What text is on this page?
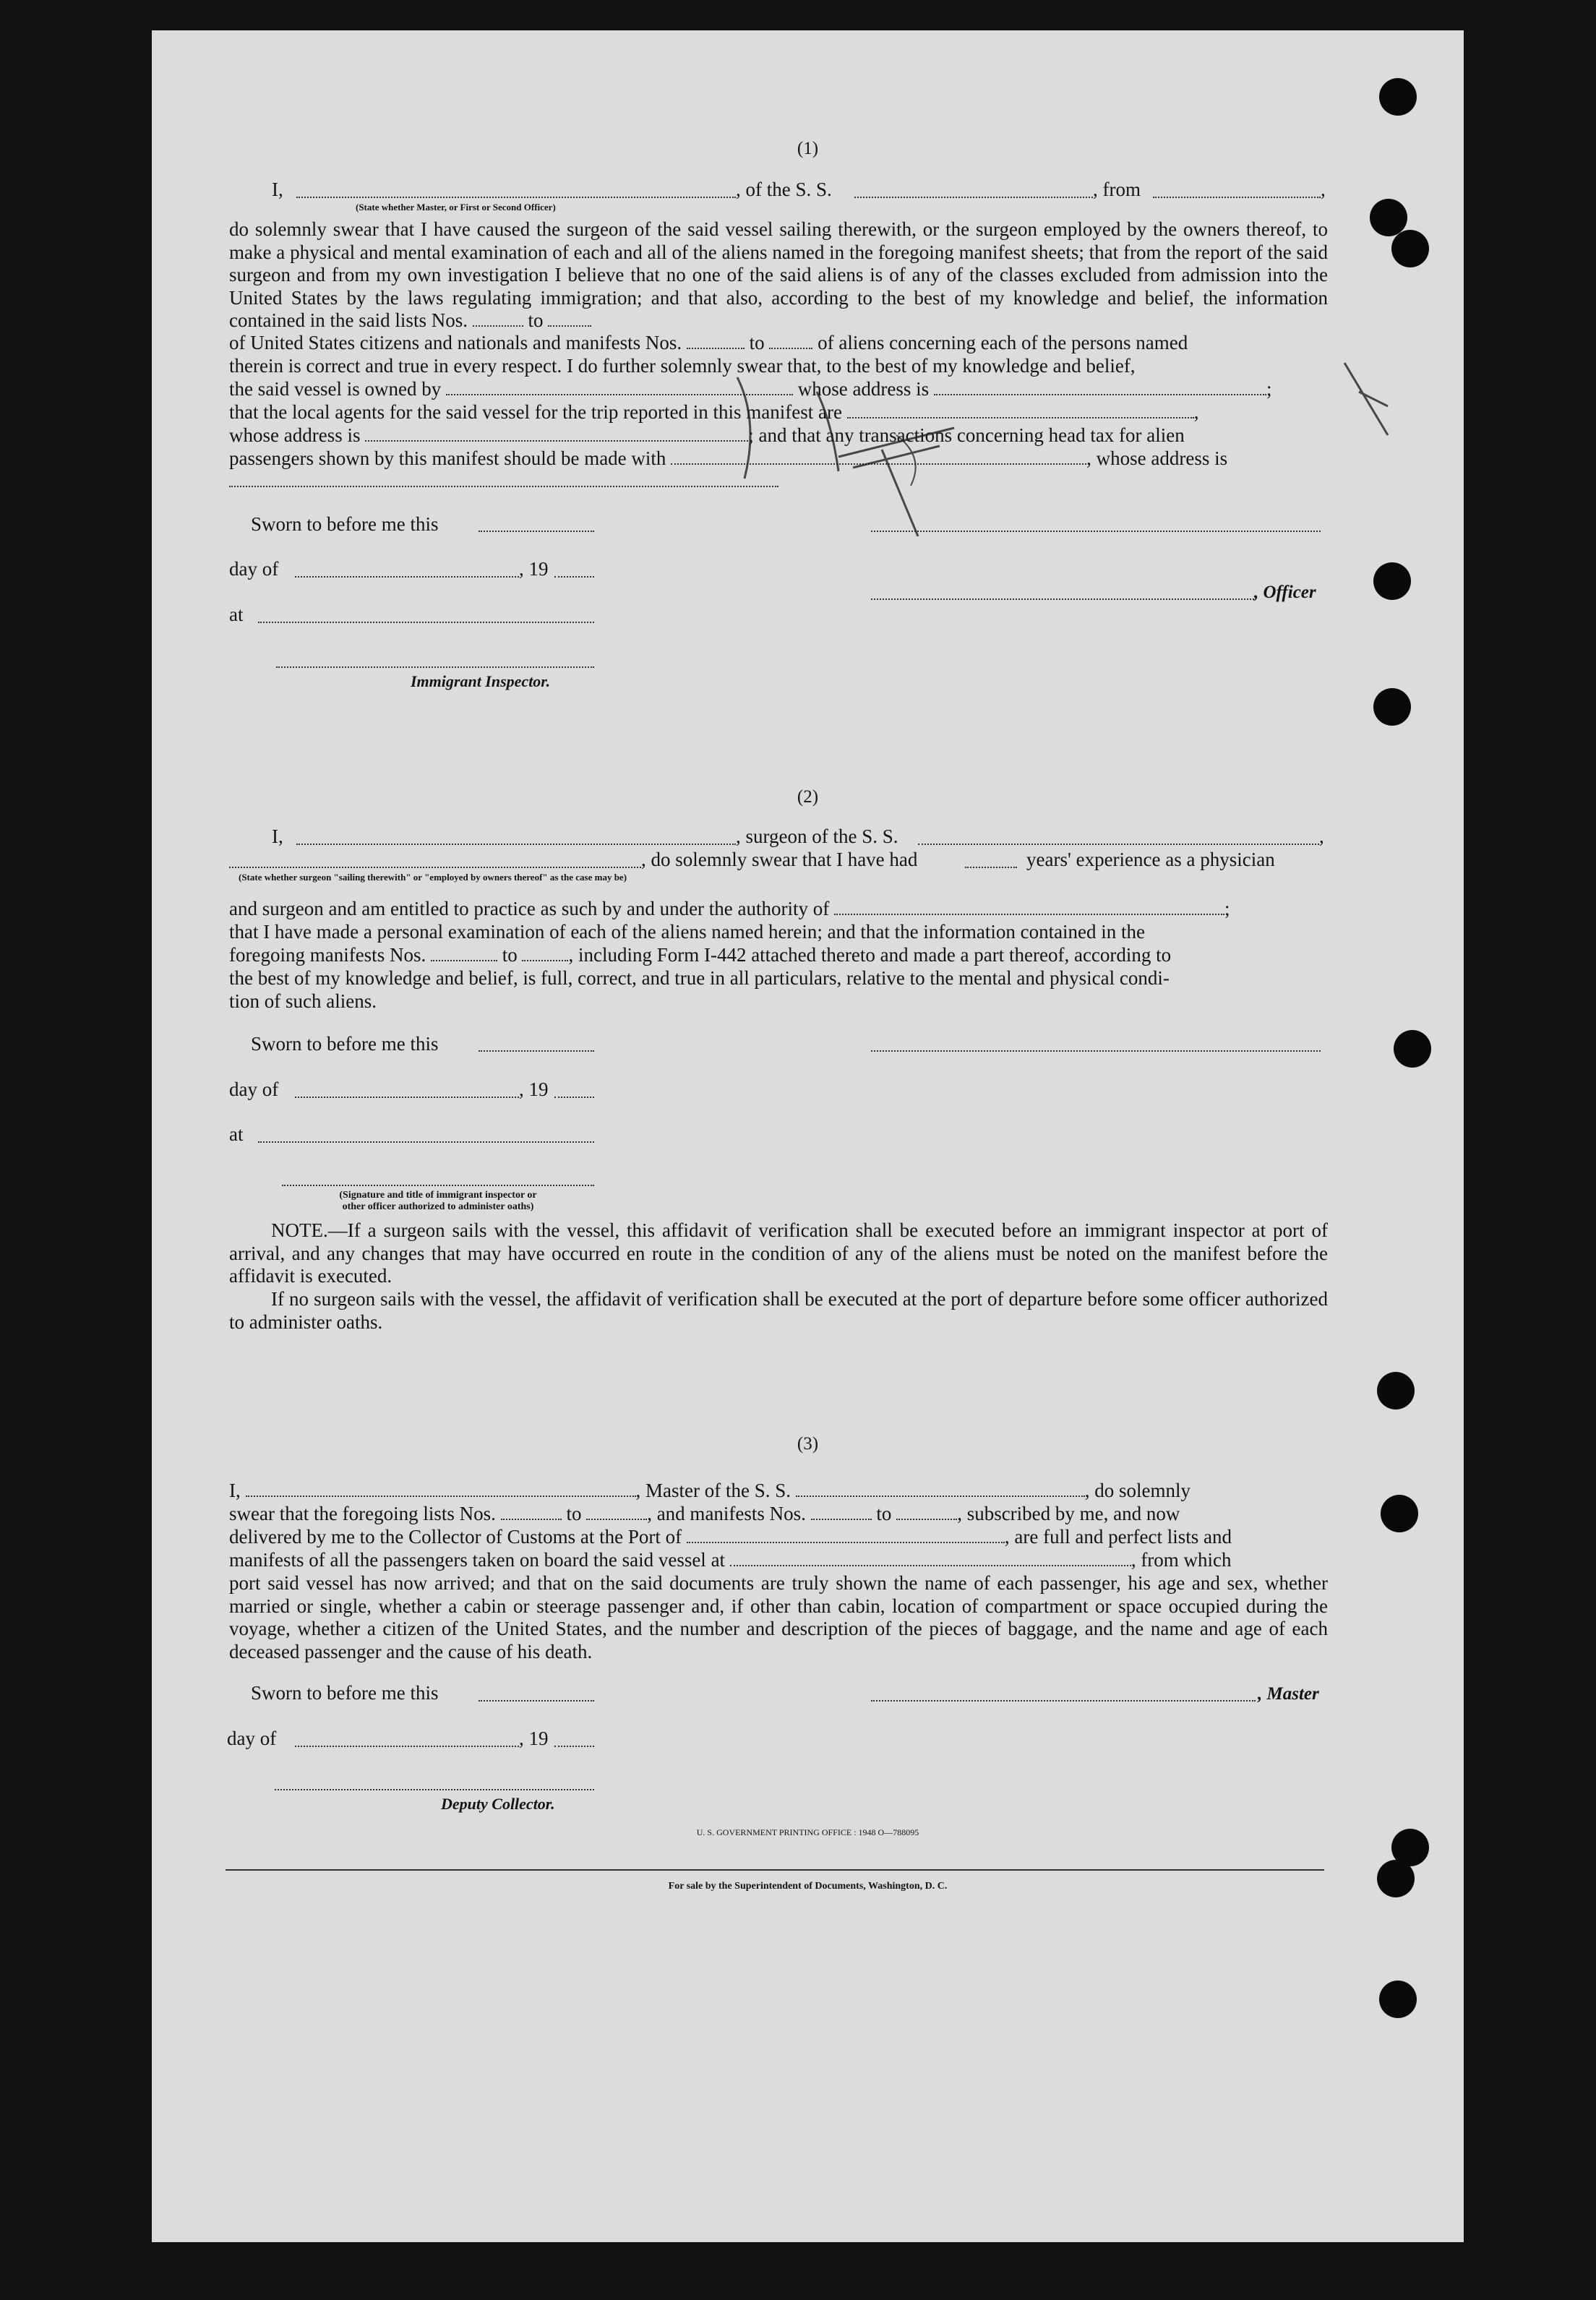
(1)
I,	, of the S. S.	, from	,
(State whether Master, or First or Second Officer)
do solemnly swear that I have caused the surgeon of the said vessel sailing therewith, or the surgeon employed by the owners thereof, to make a physical and mental examination of each and all of the aliens named in the foregoing manifest sheets; that from the report of the said surgeon and from my own investigation I believe that no one of the said aliens is of any of the classes excluded from admission into the United States by the laws regulating immigration; and that also, according to the best of my knowledge and belief, the information contained in the said lists Nos.	to
of United States citizens and nationals and manifests Nos.	to	of aliens concerning each of the persons named
therein is correct and true in every respect. I do further solemnly swear that, to the best of my knowledge and belief,
the said vessel is owned by	whose address is	;
that the local agents for the said vessel for the trip reported in this manifest are	,
whose address is	; and that any transactions concerning head tax for alien
passengers shown by this manifest should be made with	, whose address is
Sworn to before me this
day of	, 19
, Officer
at
Immigrant Inspector.
(2)
I,	, surgeon of the S. S.	,
, do solemnly swear that I have had	years' experience as a physician
(State whether surgeon "sailing therewith" or "employed by owners thereof" as the case may be)
and surgeon and am entitled to practice as such by and under the authority of	;
that I have made a personal examination of each of the aliens named herein; and that the information contained in the
foregoing manifests Nos.	to	, including Form I-442 attached thereto and made a part thereof, according to
the best of my knowledge and belief, is full, correct, and true in all particulars, relative to the mental and physical condi-
tion of such aliens.
Sworn to before me this
day of	, 19
at
(Signature and title of immigrant inspector or
other officer authorized to administer oaths)
NOTE.—If a surgeon sails with the vessel, this affidavit of verification shall be executed before an immigrant inspector at port of arrival, and any changes that may have occurred en route in the condition of any of the aliens must be noted on the manifest before the affidavit is executed.
If no surgeon sails with the vessel, the affidavit of verification shall be executed at the port of departure before some officer authorized to administer oaths.
(3)
I,	, Master of the S. S.	, do solemnly
swear that the foregoing lists Nos.	to	, and manifests Nos.	to	, subscribed by me, and now
delivered by me to the Collector of Customs at the Port of	, are full and perfect lists and
manifests of all the passengers taken on board the said vessel at	, from which
port said vessel has now arrived; and that on the said documents are truly shown the name of each passenger, his age and sex, whether married or single, whether a cabin or steerage passenger and, if other than cabin, location of compartment or space occupied during the voyage, whether a citizen of the United States, and the number and description of the pieces of baggage, and the name and age of each deceased passenger and the cause of his death.
Sworn to before me this	, Master
day of	, 19
Deputy Collector.
U. S. GOVERNMENT PRINTING OFFICE : 1948 O—788095
For sale by the Superintendent of Documents, Washington, D. C.
